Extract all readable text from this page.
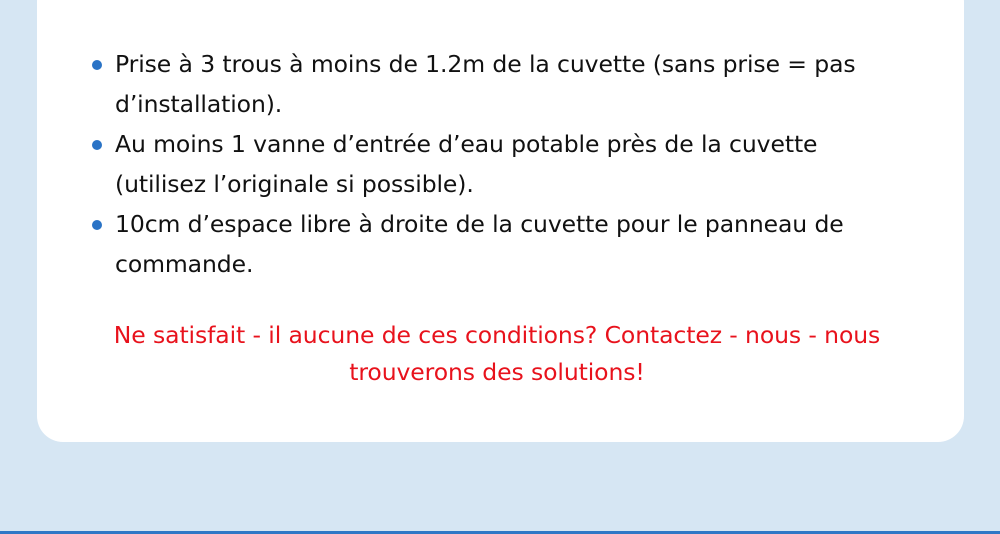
Prise à 3 trous à moins de 1.2m de la cuvette (sans prise = pas
d’installation).
Au moins 1 vanne d’entrée d’eau potable près de la cuvette
(utilisez l’originale si possible).
10cm d’espace libre à droite de la cuvette pour le panneau de
commande.
Ne satisfait - il aucune de ces conditions? Contactez - nous - nous
trouverons des solutions!
